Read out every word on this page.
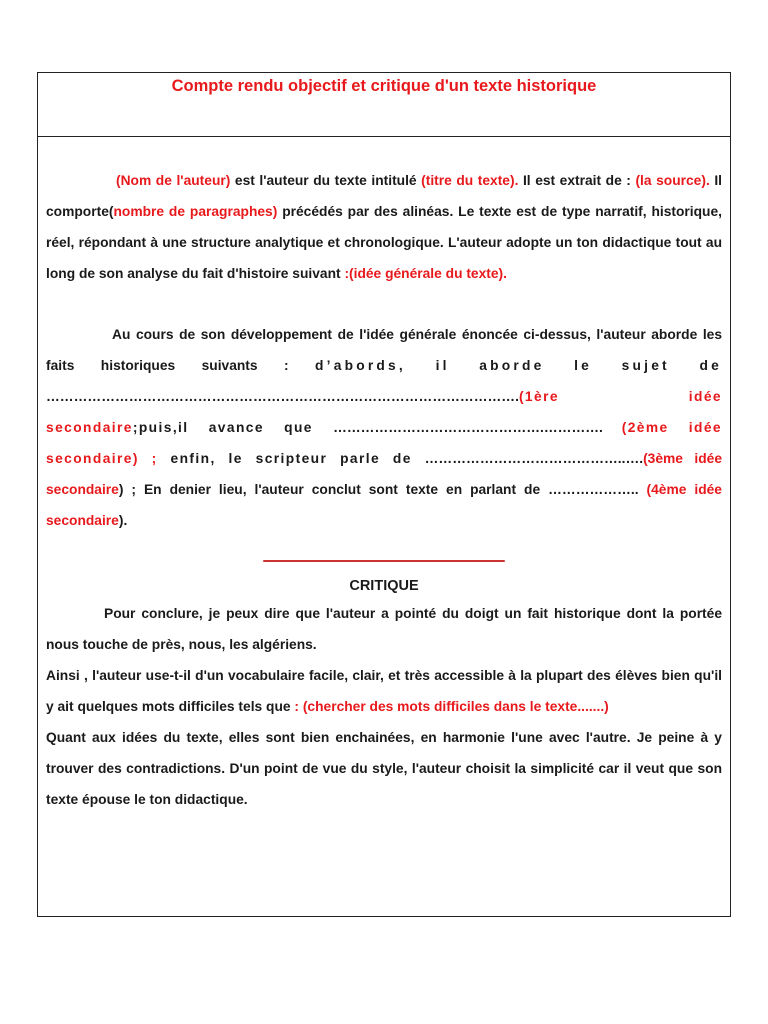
Compte rendu objectif et critique d'un texte historique

(Nom de l'auteur) est l'auteur du texte intitulé (titre du texte). Il est extrait de : (la source). Il comporte(nombre de paragraphes) précédés par des alinéas. Le texte est de type narratif, historique, réel, répondant à une structure analytique et chronologique. L'auteur adopte un ton didactique tout au long de son analyse du fait d'histoire suivant :(idée générale du texte).

Au cours de son développement de l'idée générale énoncée ci-dessus, l'auteur aborde les faits historiques suivants : d’abords, il aborde le sujet de ………………………………………………………………………………………….(1ère idée secondaire;puis,il avance que ……………………………………….…………. (2ème idée secondaire) ; enfin, le scripteur parle de ……………………………………..….(3ème idée secondaire) ; En denier lieu, l'auteur conclut sont texte en parlant de ……………….. (4ème idée secondaire).

CRITIQUE

Pour conclure, je peux dire que l'auteur a pointé du doigt un fait historique dont la portée nous touche de près, nous, les algériens.

Ainsi , l'auteur use-t-il d'un vocabulaire facile, clair, et très accessible à la plupart des élèves bien qu'il y ait quelques mots difficiles tels que : (chercher des mots difficiles dans le texte.......)

Quant aux idées du texte, elles sont bien enchainées, en harmonie l'une avec l'autre. Je peine à y trouver des contradictions. D'un point de vue du style, l'auteur choisit la simplicité car il veut que son texte épouse le ton didactique.
